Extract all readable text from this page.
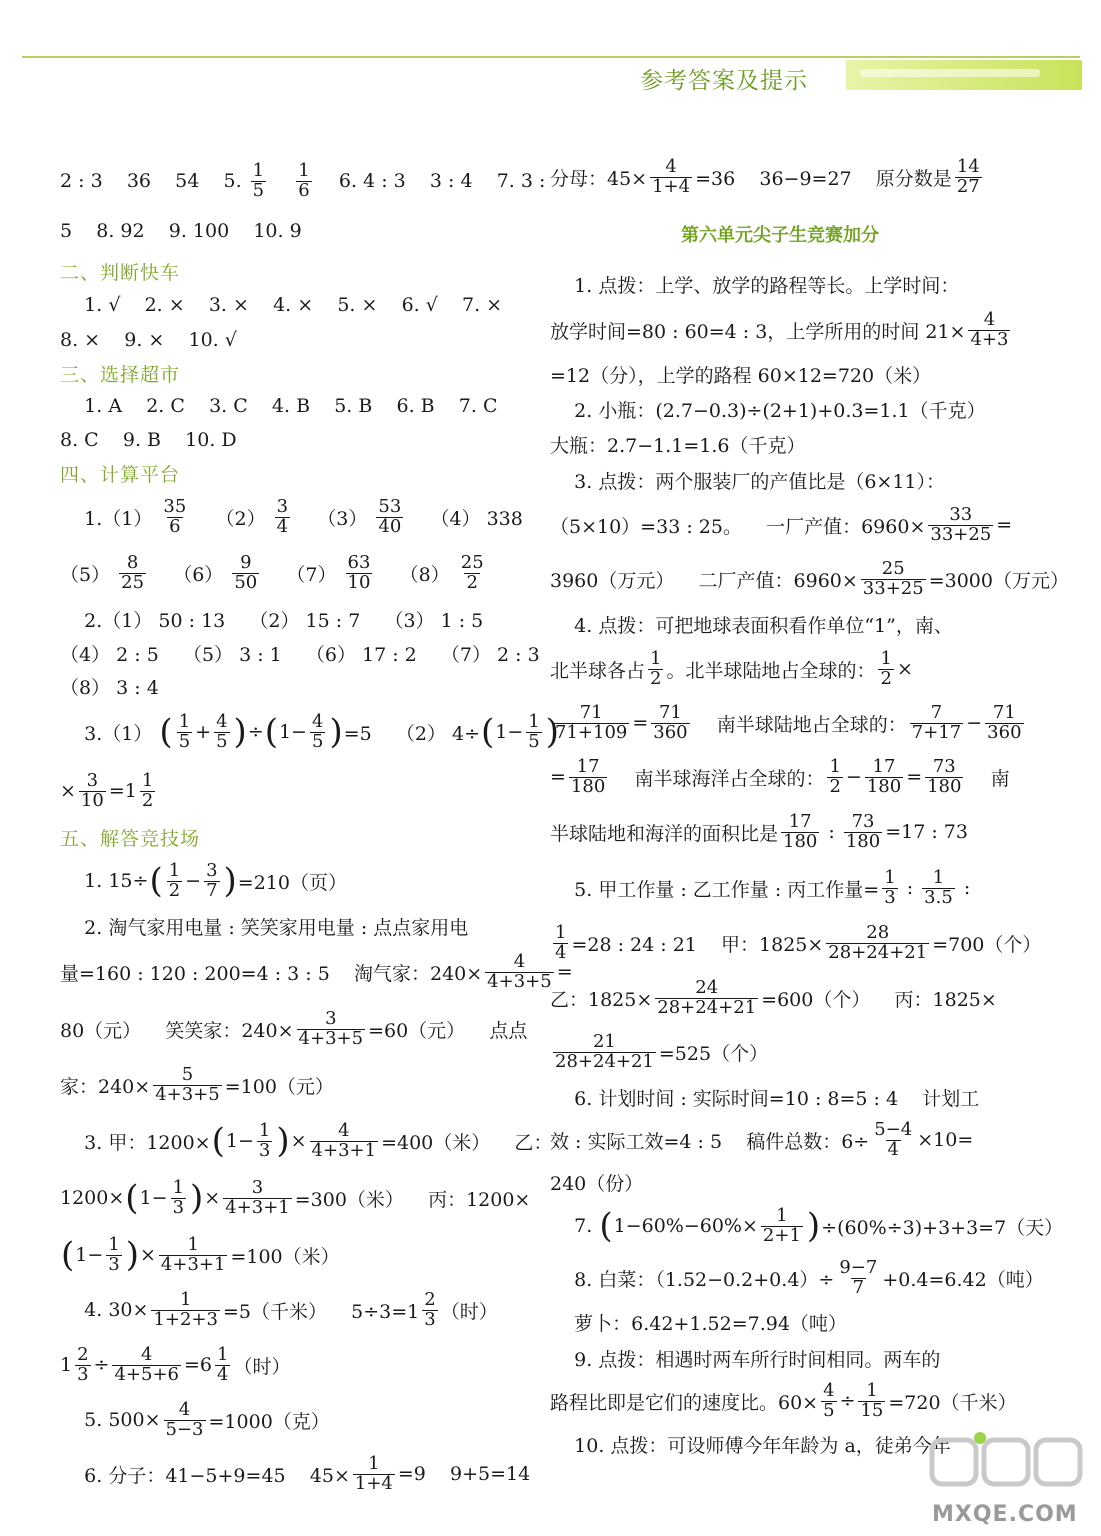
参考答案及提示
2 : 3    36    54    5. $\frac{1}{5}$
$\frac{1}{6} 6$. 4 : 3    3 : 4    7. 3 :
5    8. 92    9. 100    10. 9
二、判断快车
1. √    2. ×    3. ×    4. ×    5. ×    6. √    7. ×
8. ×    9. ×    10. √
三、选择超市
1. A    2. C    3. C    4. B    5. B    6. B    7. C
8. C    9. B    10. D
四、计算平台
$1.(1) \frac{35}{6} (2) \frac{3}{4} (3) \frac{53}{40} (4)$ 338
$(5) \frac{8}{25} (6) \frac{9}{50} (7) \frac{63}{10} (8) \frac{25}{2}$
2.（1） 50 : 13    （2） 15 : 7    （3） 1 : 5
（4） 2 : 5    （5） 3 : 1    （6） 17 : 2    （7） 2 : 3
（8） 3 : 4
3.（1） ( $\frac{1}{5} + \frac{4}{5}$ ) ÷ ( $1- \frac{4}{5}$ ) =5    （2） 4÷ ( $1- \frac{1}{5}$ )
× $\frac{3}{10} =1 \frac{1}{2}$
五、解答竞技场
1. 15÷ ( $\frac{1}{2} - \frac{3}{7}$ ) =210（页）
2. 淘气家用电量 : 笑笑家用电量 : 点点家用电
量=160 : 120 : 200=4 : 3 : 5    淘气家：$240\times \frac{4}{4+3+5}$ =
80（元）    笑笑家：$240\times \frac{3}{4+3+5} =60$（元）    点点
家：$240\times \frac{5}{4+3+5} =100$（元）
3. 甲：1200× ( $1- \frac{1}{3}$ ) × $\frac{4}{4+3+1} =400$（米）    乙：
1200× ( $1- \frac{1}{3}$ ) × $\frac{3}{4+3+1} =300$（米）    丙：1200×
( $1- \frac{1}{3}$ ) × $\frac{1}{4+3+1} =100$（米）
4. $30\times \frac{1}{1+2+3} =5$（千米）    $5\div 3=1 \frac{2}{3}$ （时）
$1 \frac{2}{3} \div \frac{4}{4+5+6} =6 \frac{1}{4}$ （时）
5. $500\times \frac{4}{5-3} =1000$（克）
6. 分子：41−5+9=45    $45\times \frac{1}{1+4} =9$    9+5=14
分母：$45\times \frac{4}{1+4} =36$    36−9=27    原分数是 $\frac{14}{27}$
第六单元尖子生竞赛加分
1. 点拨：上学、放学的路程等长。上学时间：
放学时间=80 : 60=4 : 3，上学所用的时间 $21\times \frac{4}{4+3}$
=12（分），上学的路程 60×12=720（米）
2. 小瓶：(2.7−0.3)÷(2+1)+0.3=1.1（千克）
大瓶：2.7−1.1=1.6（千克）
3. 点拨：两个服装厂的产值比是（6×11）：
（5×10）=33 : 25。    一厂产值：$6960\times \frac{33}{33+25}$ =
3960（万元）    二厂产值：$6960\times \frac{25}{33+25} =3000$（万元）
4. 点拨：可把地球表面积看作单位“1”，南、
北半球各占 $\frac{1}{2}$ 。北半球陆地占全球的： $\frac{1}{2}$ ×
$\frac{71}{71+109} = \frac{71}{360}$ 南半球陆地占全球的： $\frac{7}{7+17} - \frac{71}{360}$
= $\frac{17}{180}$ 南半球海洋占全球的： $\frac{1}{2} - \frac{17}{180} = \frac{73}{180}$ 南
半球陆地和海洋的面积比是 $\frac{17}{180}$ : $\frac{73}{180} =17$ : 73
5. 甲工作量 : 乙工作量 : 丙工作量= $\frac{1}{3}$ : $\frac{1}{3.5}$ :
$\frac{1}{4} =28$ : 24 : 21    甲：$1825\times \frac{28}{28+24+21} =700$（个）
乙：$1825\times \frac{24}{28+24+21} =600$（个）    丙：1825×
$\frac{21}{28+24+21} =525$（个）
6. 计划时间 : 实际时间=10 : 8=5 : 4    计划工
效 : 实际工效=4 : 5    稿件总数：$6\div \frac{5-4}{4} \times 10=$
240（份）
7. ( $1-60\%-60\%\times \frac{1}{2+1}$ ) ÷(60%÷3)+3+3=7（天）
8. 白菜：$(1.52-0.2+0.4)\div \frac{9-7}{7} +0.4=6.42$（吨）
萝卜：6.42+1.52=7.94（吨）
9. 点拨：相遇时两车所行时间相同。两车的
路程比即是它们的速度比。$60\times \frac{4}{5} \div \frac{1}{15} =720$（千米）
10. 点拨：可设师傅今年年龄为 a，徒弟今年
MXQE.COM
